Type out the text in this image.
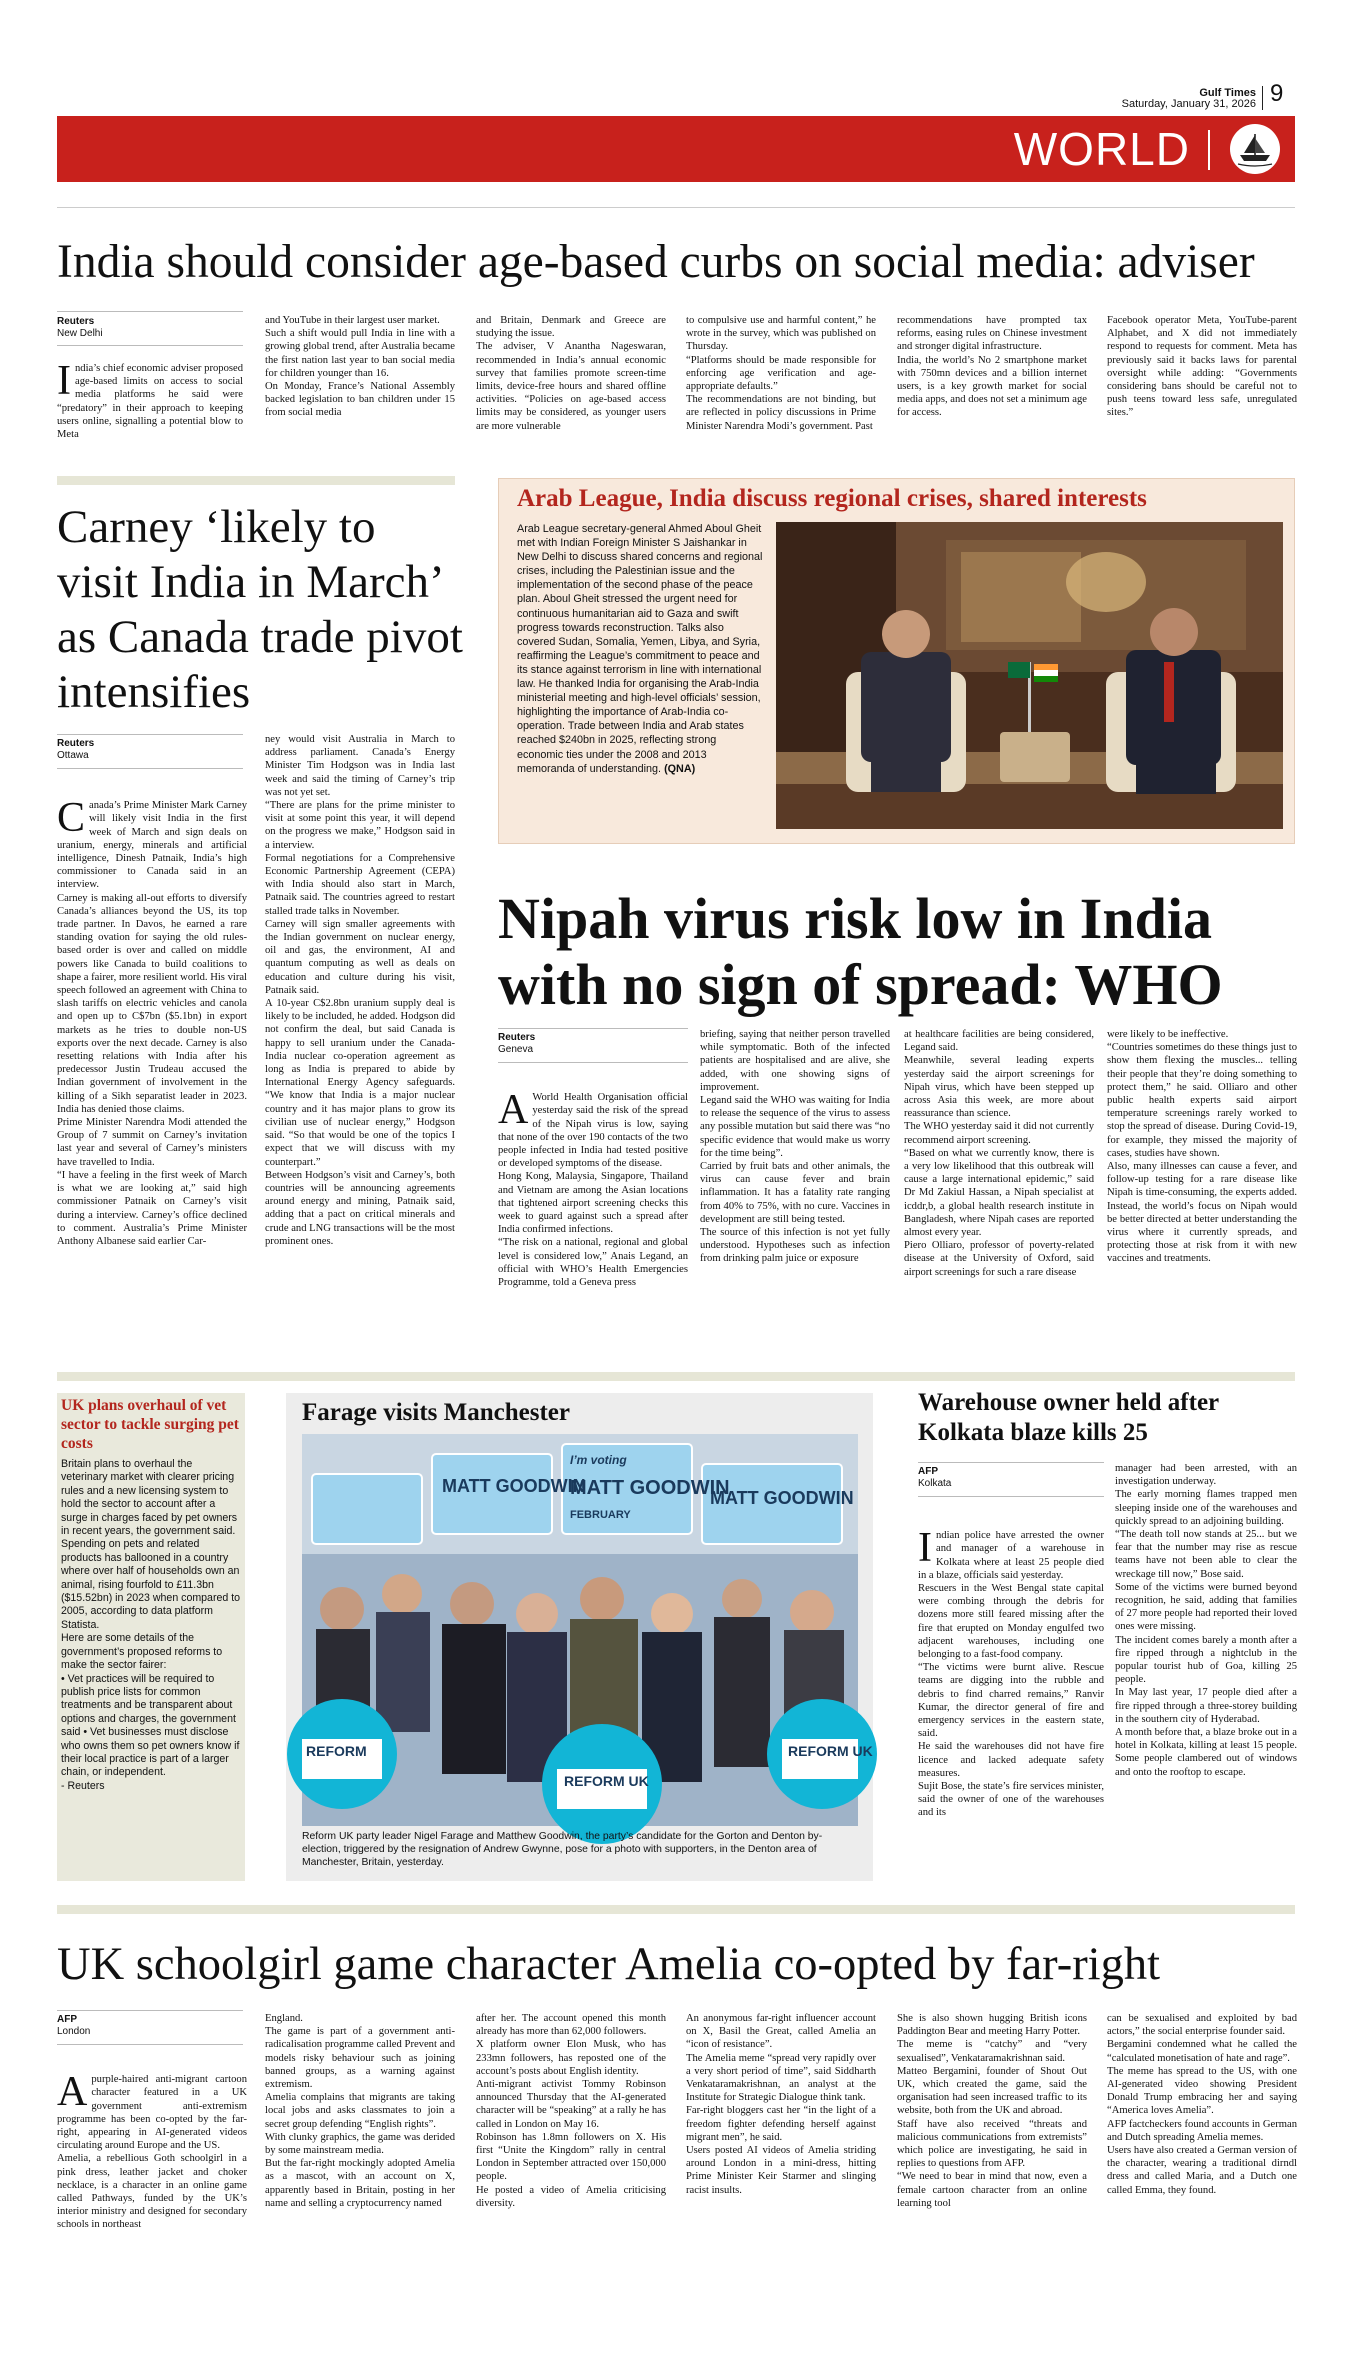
Gulf Times
Saturday, January 31, 2026 9
WORLD
India should consider age-based curbs on social media: adviser
Reuters
New Delhi
I ndia’s chief economic adviser proposed age-based limits on access to social media platforms he said were “predatory” in their approach to keeping users online, signalling a potential blow to Meta
and YouTube in their largest user market.
Such a shift would pull India in line with a growing global trend, after Australia became the first nation last year to ban social media for children younger than 16.
On Monday, France’s National Assembly backed legislation to ban children under 15 from social media
and Britain, Denmark and Greece are studying the issue.
The adviser, V Anantha Nageswaran, recommended in India’s annual economic survey that families promote screen-time limits, device-free hours and shared offline activities. “Policies on age-based access limits may be considered, as younger users are more vulnerable
to compulsive use and harmful content,” he wrote in the survey, which was published on Thursday.
“Platforms should be made responsible for enforcing age verification and age-appropriate defaults.”
The recommendations are not binding, but are reflected in policy discussions in Prime Minister Narendra Modi’s government. Past
recommendations have prompted tax reforms, easing rules on Chinese investment and stronger digital infrastructure.
India, the world’s No 2 smartphone market with 750mn devices and a billion internet users, is a key growth market for social media apps, and does not set a minimum age for access.
Facebook operator Meta, YouTube-parent Alphabet, and X did not immediately respond to requests for comment. Meta has previously said it backs laws for parental oversight while adding: “Governments considering bans should be careful not to push teens toward less safe, unregulated sites.”
Carney ‘likely to visit India in March’ as Canada trade pivot intensifies
Reuters
Ottawa

Canada’s Prime Minister Mark Carney will likely visit India in the first week of March and sign deals on uranium, energy, minerals and artificial intelligence, Dinesh Patnaik, India’s high commissioner to Canada said in an interview.
Carney is making all-out efforts to diversify Canada’s alliances beyond the US, its top trade partner. In Davos, he earned a rare standing ovation for saying the old rules-based order is over and called on middle powers like Canada to build coalitions to shape a fairer, more resilient world. His viral speech followed an agreement with China to slash tariffs on electric vehicles and canola and open up to C$7bn ($5.1bn) in export markets as he tries to double non-US exports over the next decade. Carney is also resetting relations with India after his predecessor Justin Trudeau accused the Indian government of involvement in the killing of a Sikh separatist leader in 2023. India has denied those claims.
Prime Minister Narendra Modi attended the Group of 7 summit on Carney’s invitation last year and several of Carney’s ministers have travelled to India.
“I have a feeling in the first week of March is what we are looking at,” said high commissioner Patnaik on Carney’s visit during a interview. Carney’s office declined to comment. Australia’s Prime Minister Anthony Albanese said earlier Car-

ney would visit Australia in March to address parliament. Canada’s Energy Minister Tim Hodgson was in India last week and said the timing of Carney’s trip was not yet set.
“There are plans for the prime minister to visit at some point this year, it will depend on the progress we make,” Hodgson said in a interview.
Formal negotiations for a Comprehensive Economic Partnership Agreement (CEPA) with India should also start in March, Patnaik said. The countries agreed to restart stalled trade talks in November.
Carney will sign smaller agreements with the Indian government on nuclear energy, oil and gas, the environment, AI and quantum computing as well as deals on education and culture during his visit, Patnaik said.
A 10-year C$2.8bn uranium supply deal is likely to be included, he added. Hodgson did not confirm the deal, but said Canada is happy to sell uranium under the Canada-India nuclear co-operation agreement as long as India is prepared to abide by International Energy Agency safeguards. “We know that India is a major nuclear country and it has major plans to grow its civilian use of nuclear energy,” Hodgson said. “So that would be one of the topics I expect that we will discuss with my counterpart.”
Between Hodgson’s visit and Carney’s, both countries will be announcing agreements around energy and mining, Patnaik said, adding that a pact on critical minerals and crude and LNG transactions will be the most prominent ones.
Arab League, India discuss regional crises, shared interests
Arab League secretary-general Ahmed Aboul Gheit met with Indian Foreign Minister S Jaishankar in New Delhi to discuss shared concerns and regional crises, including the Palestinian issue and the implementation of the second phase of the peace plan. Aboul Gheit stressed the urgent need for continuous humanitarian aid to Gaza and swift progress towards reconstruction. Talks also covered Sudan, Somalia, Yemen, Libya, and Syria, reaffirming the League’s commitment to peace and its stance against terrorism in line with international law. He thanked India for organising the Arab-India ministerial meeting and high-level officials’ session, highlighting the importance of Arab-India co-operation. Trade between India and Arab states reached $240bn in 2025, reflecting strong economic ties under the 2008 and 2013 memoranda of understanding. (QNA)
Nipah virus risk low in India with no sign of spread: WHO
Reuters
Geneva

A World Health Organisation official yesterday said the risk of the spread of the Nipah virus is low, saying that none of the over 190 contacts of the two people infected in India had tested positive or developed symptoms of the disease.
Hong Kong, Malaysia, Singapore, Thailand and Vietnam are among the Asian locations that tightened airport screening checks this week to guard against such a spread after India confirmed infections.
“The risk on a national, regional and global level is considered low,” Anais Legand, an official with WHO’s Health Emergencies Programme, told a Geneva press

briefing, saying that neither person travelled while symptomatic. Both of the infected patients are hospitalised and are alive, she added, with one showing signs of improvement.
Legand said the WHO was waiting for India to release the sequence of the virus to assess any possible mutation but said there was “no specific evidence that would make us worry for the time being”.
Carried by fruit bats and other animals, the virus can cause fever and brain inflammation. It has a fatality rate ranging from 40% to 75%, with no cure. Vaccines in development are still being tested.
The source of this infection is not yet fully understood. Hypotheses such as infection from drinking palm juice or exposure
at healthcare facilities are being considered, Legand said.
Meanwhile, several leading experts yesterday said the airport screenings for Nipah virus, which have been stepped up across Asia this week, are more about reassurance than science.
The WHO yesterday said it did not currently recommend airport screening.
“Based on what we currently know, there is a very low likelihood that this outbreak will cause a large international epidemic,” said Dr Md Zakiul Hassan, a Nipah specialist at icddr,b, a global health research institute in Bangladesh, where Nipah cases are reported almost every year.
Piero Olliaro, professor of poverty-related disease at the University of Oxford, said airport screenings for such a rare disease
were likely to be ineffective.
“Countries sometimes do these things just to show them flexing the muscles... telling their people that they’re doing something to protect them,” he said. Olliaro and other public health experts said airport temperature screenings rarely worked to stop the spread of disease. During Covid-19, for example, they missed the majority of cases, studies have shown.
Also, many illnesses can cause a fever, and follow-up testing for a rare disease like Nipah is time-consuming, the experts added. Instead, the world’s focus on Nipah would be better directed at better understanding the virus where it currently spreads, and protecting those at risk from it with new vaccines and treatments.
UK plans overhaul of vet sector to tackle surging pet costs
Britain plans to overhaul the veterinary market with clearer pricing rules and a new licensing system to hold the sector to account after a surge in charges faced by pet owners in recent years, the government said. Spending on pets and related products has ballooned in a country where over half of households own an animal, rising fourfold to £11.3bn ($15.52bn) in 2023 when compared to 2005, according to data platform Statista.
Here are some details of the government’s proposed reforms to make the sector fairer:
• Vet practices will be required to publish price lists for common treatments and be transparent about options and charges, the government said • Vet businesses must disclose who owns them so pet owners know if their local practice is part of a larger chain, or independent.
- Reuters
Farage visits Manchester
MATT GOODWIN
I’m voting
MATT GOODWIN
FEBRUARY
MATT GOODWIN
REFORM
REFORM UK
REFORM UK
Reform UK party leader Nigel Farage and Matthew Goodwin, the party’s candidate for the Gorton and Denton by-election, triggered by the resignation of Andrew Gwynne, pose for a photo with supporters, in the Denton area of Manchester, Britain, yesterday.
Warehouse owner held after Kolkata blaze kills 25
AFP
Kolkata

Indian police have arrested the owner and manager of a warehouse in Kolkata where at least 25 people died in a blaze, officials said yesterday.
Rescuers in the West Bengal state capital were combing through the debris for dozens more still feared missing after the fire that erupted on Monday engulfed two adjacent warehouses, including one belonging to a fast-food company.
“The victims were burnt alive. Rescue teams are digging into the rubble and debris to find charred remains,” Ranvir Kumar, the director general of fire and emergency services in the eastern state, said.
He said the warehouses did not have fire licence and lacked adequate safety measures.
Sujit Bose, the state’s fire services minister, said the owner of one of the warehouses and its

manager had been arrested, with an investigation underway.
The early morning flames trapped men sleeping inside one of the warehouses and quickly spread to an adjoining building.
“The death toll now stands at 25... but we fear that the number may rise as rescue teams have not been able to clear the wreckage till now,” Bose said.
Some of the victims were burned beyond recognition, he said, adding that families of 27 more people had reported their loved ones were missing.
The incident comes barely a month after a fire ripped through a nightclub in the popular tourist hub of Goa, killing 25 people.
In May last year, 17 people died after a fire ripped through a three-storey building in the southern city of Hyderabad.
A month before that, a blaze broke out in a hotel in Kolkata, killing at least 15 people. Some people clambered out of windows and onto the rooftop to escape.
UK schoolgirl game character Amelia co-opted by far-right
AFP
London

Apurple-haired anti-migrant cartoon character featured in a UK government anti-extremism programme has been co-opted by the far-right, appearing in AI-generated videos circulating around Europe and the US.
Amelia, a rebellious Goth schoolgirl in a pink dress, leather jacket and choker necklace, is a character in an online game called Pathways, funded by the UK’s interior ministry and designed for secondary schools in northeast

England.
The game is part of a government anti-radicalisation programme called Prevent and models risky behaviour such as joining banned groups, as a warning against extremism.
Amelia complains that migrants are taking local jobs and asks classmates to join a secret group defending “English rights”.
With clunky graphics, the game was derided by some mainstream media.
But the far-right mockingly adopted Amelia as a mascot, with an account on X, apparently based in Britain, posting in her name and selling a cryptocurrency named
after her. The account opened this month already has more than 62,000 followers.
X platform owner Elon Musk, who has 233mn followers, has reposted one of the account’s posts about English identity.
Anti-migrant activist Tommy Robinson announced Thursday that the AI-generated character will be “speaking” at a rally he has called in London on May 16.
Robinson has 1.8mn followers on X. His first “Unite the Kingdom” rally in central London in September attracted over 150,000 people.
He posted a video of Amelia criticising diversity.
An anonymous far-right influencer account on X, Basil the Great, called Amelia an “icon of resistance”.
The Amelia meme “spread very rapidly over a very short period of time”, said Siddharth Venkataramakrishnan, an analyst at the Institute for Strategic Dialogue think tank.
Far-right bloggers cast her “in the light of a freedom fighter defending herself against migrant men”, he said.
Users posted AI videos of Amelia striding around London in a mini-dress, hitting Prime Minister Keir Starmer and slinging racist insults.
She is also shown hugging British icons Paddington Bear and meeting Harry Potter.
The meme is “catchy” and “very sexualised”, Venkataramakrishnan said.
Matteo Bergamini, founder of Shout Out UK, which created the game, said the organisation had seen increased traffic to its website, both from the UK and abroad.
Staff have also received “threats and malicious communications from extremists” which police are investigating, he said in replies to questions from AFP.
“We need to bear in mind that now, even a female cartoon character from an online learning tool
can be sexualised and exploited by bad actors,” the social enterprise founder said.
Bergamini condemned what he called the “calculated monetisation of hate and rage”.
The meme has spread to the US, with one AI-generated video showing President Donald Trump embracing her and saying “America loves Amelia”.
AFP factcheckers found accounts in German and Dutch spreading Amelia memes.
Users have also created a German version of the character, wearing a traditional dirndl dress and called Maria, and a Dutch one called Emma, they found.
